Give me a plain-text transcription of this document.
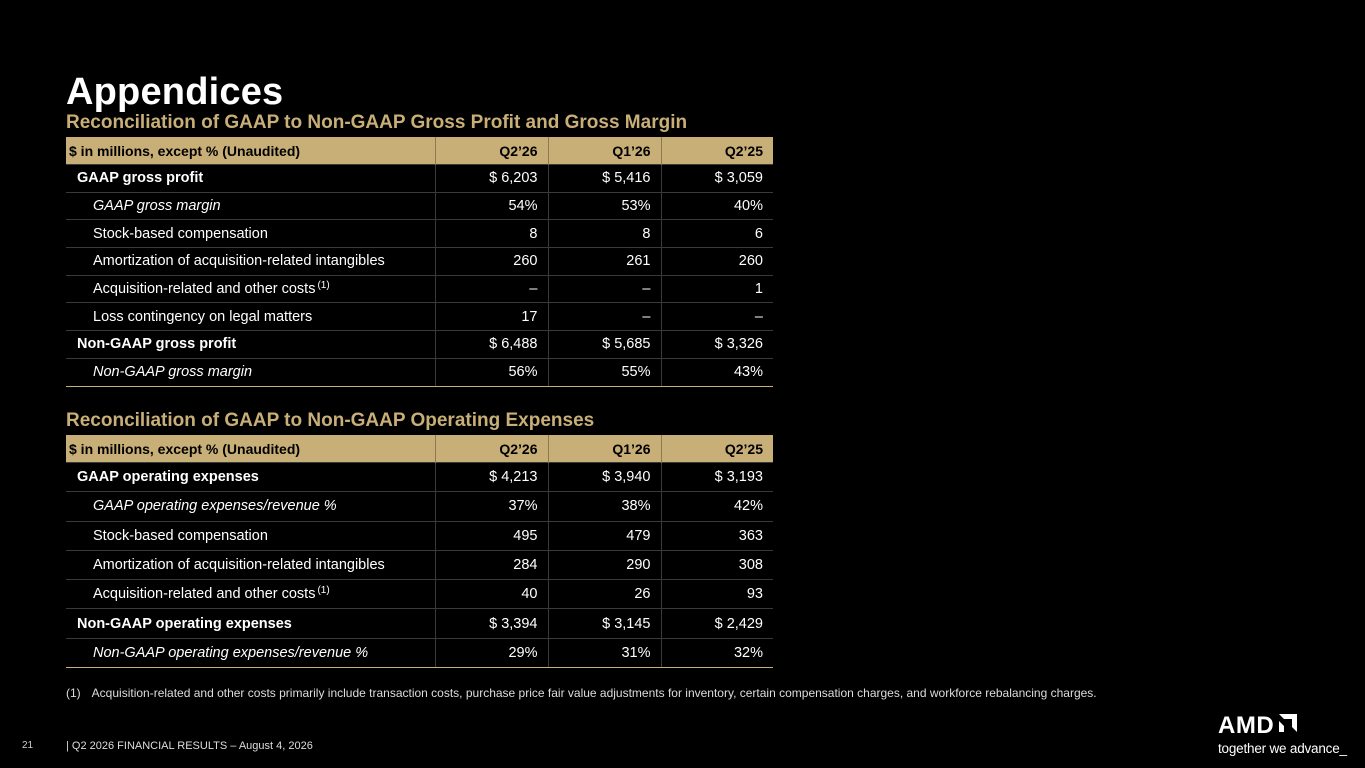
Appendices
Reconciliation of GAAP to Non-GAAP Gross Profit and Gross Margin
$ in millions, except % (Unaudited)	Q2’26	Q1’26	Q2’25
GAAP gross profit	$ 6,203	$ 5,416	$ 3,059
GAAP gross margin	54%	53%	40%
Stock-based compensation	8	8	6
Amortization of acquisition-related intangibles	260	261	260
Acquisition-related and other costs $^{(1)}$	–	–	1
Loss contingency on legal matters	17	–	–
Non-GAAP gross profit	$ 6,488	$ 5,685	$ 3,326
Non-GAAP gross margin	56%	55%	43%
Reconciliation of GAAP to Non-GAAP Operating Expenses
$ in millions, except % (Unaudited)	Q2’26	Q1’26	Q2’25
GAAP operating expenses	$ 4,213	$ 3,940	$ 3,193
GAAP operating expenses/revenue %	37%	38%	42%
Stock-based compensation	495	479	363
Amortization of acquisition-related intangibles	284	290	308
Acquisition-related and other costs $^{(1)}$	40	26	93
Non-GAAP operating expenses	$ 3,394	$ 3,145	$ 2,429
Non-GAAP operating expenses/revenue %	29%	31%	32%
(1) Acquisition-related and other costs primarily include transaction costs, purchase price fair value adjustments for inventory, certain compensation charges, and workforce rebalancing charges.
21	| Q2 2026 FINANCIAL RESULTS – August 4, 2026
AMD
together we advance_
